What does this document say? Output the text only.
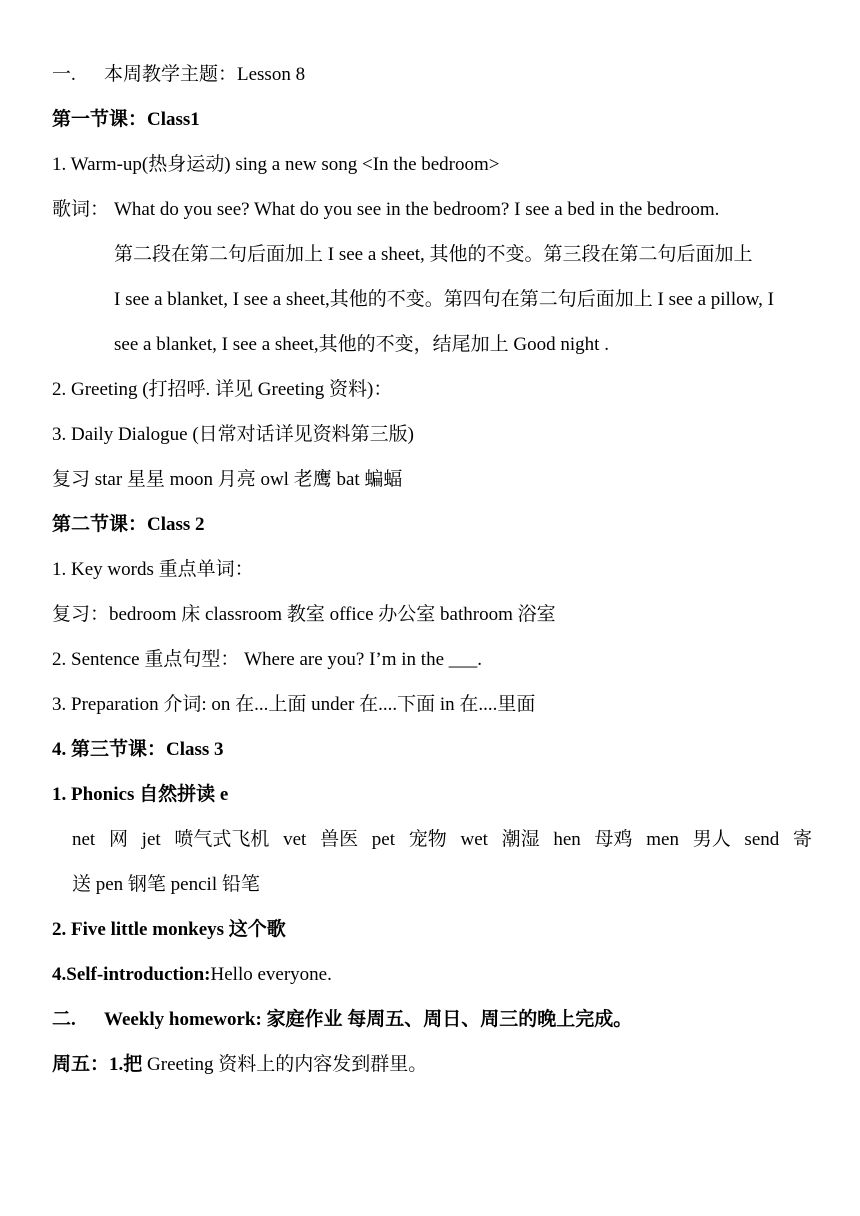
一. 本周教学主题：Lesson 8
第一节课：Class1
1. Warm-up(热身运动) sing a new song <In the bedroom>
歌词： What do you see? What do you see in the bedroom? I see a bed in the bedroom.
第二段在第二句后面加上 I see a sheet, 其他的不变。第三段在第二句后面加上
I see a blanket, I see a sheet,其他的不变。第四句在第二句后面加上 I see a pillow, I
see a blanket, I see a sheet,其他的不变，结尾加上 Good night .
2. Greeting (打招呼. 详见 Greeting 资料)：
3. Daily Dialogue (日常对话详见资料第三版)
复习 star 星星 moon 月亮 owl 老鹰 bat 蝙蝠
第二节课：Class 2
1. Key words 重点单词：
复习：bedroom 床 classroom 教室 office 办公室 bathroom 浴室
2. Sentence 重点句型： Where are you? I’m in the ___.
3. Preparation 介词: on 在...上面 under 在....下面 in 在....里面
4. 第三节课：Class 3
1. Phonics 自然拼读 e
net 网 jet 喷气式飞机 vet 兽医 pet 宠物 wet 潮湿 hen 母鸡 men 男人 send 寄
送 pen 钢笔 pencil 铅笔
2. Five little monkeys 这个歌
4.Self-introduction:Hello everyone.
二. Weekly homework: 家庭作业 每周五、周日、周三的晚上完成。
周五：1.把 Greeting 资料上的内容发到群里。
